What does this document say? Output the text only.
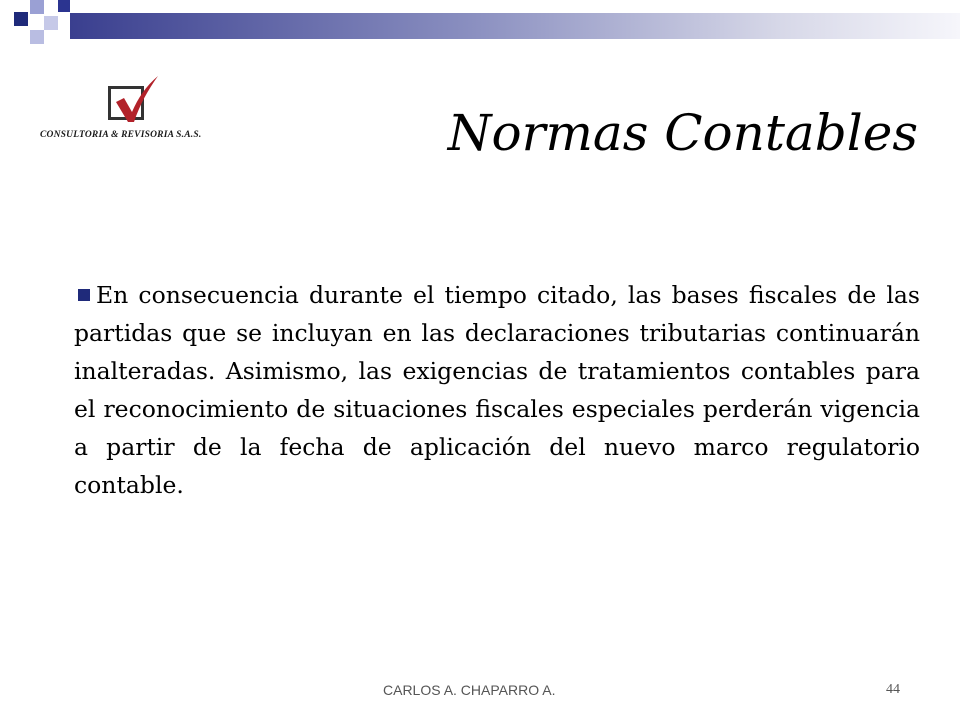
CONSULTORIA & REVISORIA S.A.S.	Normas Contables

En consecuencia durante el tiempo citado, las bases fiscales de las partidas que se incluyan en las declaraciones tributarias continuarán inalteradas. Asimismo, las exigencias de tratamientos contables para el reconocimiento de situaciones fiscales especiales perderán vigencia a partir de la fecha de aplicación del nuevo marco regulatorio contable.

CARLOS A. CHAPARRO A.	44
